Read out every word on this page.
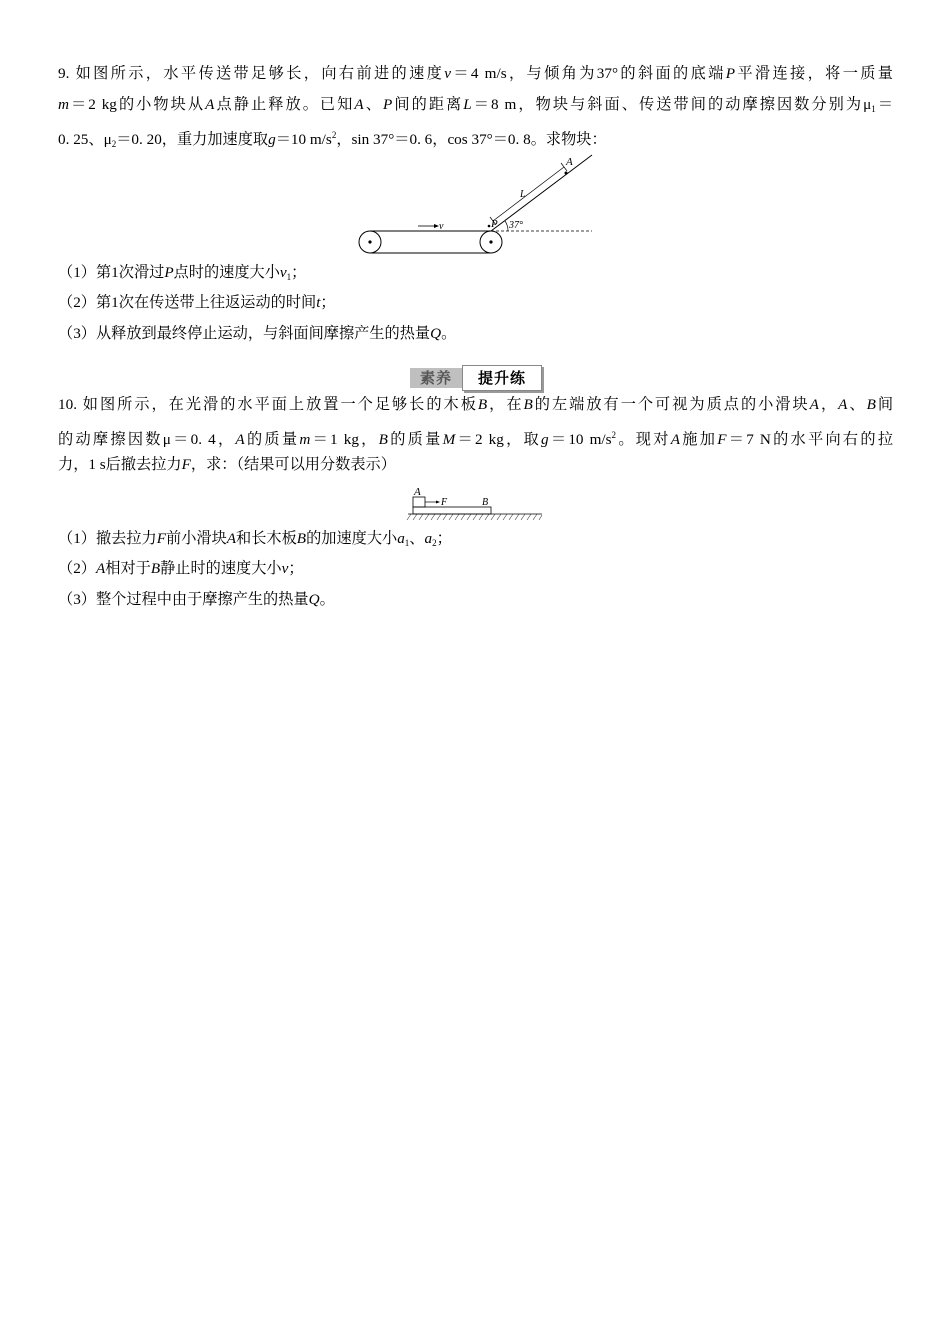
9. 如图所示，水平传送带足够长，向右前进的速度v＝4 m/s，与倾角为37°的斜面的底端P平滑连接，将一质量
m＝2 kg的小物块从A点静止释放。已知A、P间的距离L＝8 m，物块与斜面、传送带间的动摩擦因数分别为$\mu_1=$
0. 25、$\mu_2=0$. 20，重力加速度取g＝10 $m/s^2$，sin 37°＝0. 6，cos 37°＝0. 8。求物块：
v
A
L
P 37°
（1）第1次滑过P点时的速度大小$v_1$；
（2）第1次在传送带上往返运动的时间t；
（3）从释放到最终停止运动，与斜面间摩擦产生的热量Q。
素养	提升练
10. 如图所示，在光滑的水平面上放置一个足够长的木板B，在B的左端放有一个可视为质点的小滑块A，A、B间
的动摩擦因数μ＝0. 4，A的质量m＝1 kg，B的质量M＝2 kg，取g＝10 $m/s^2$。现对A施加F＝7 N的水平向右的拉
力，1 s后撤去拉力F，求：（结果可以用分数表示）
A
F	B
（1）撤去拉力F前小滑块A和长木板B的加速度大小$a_1$、$a_2$；
（2）A相对于B静止时的速度大小v；
（3）整个过程中由于摩擦产生的热量Q。
